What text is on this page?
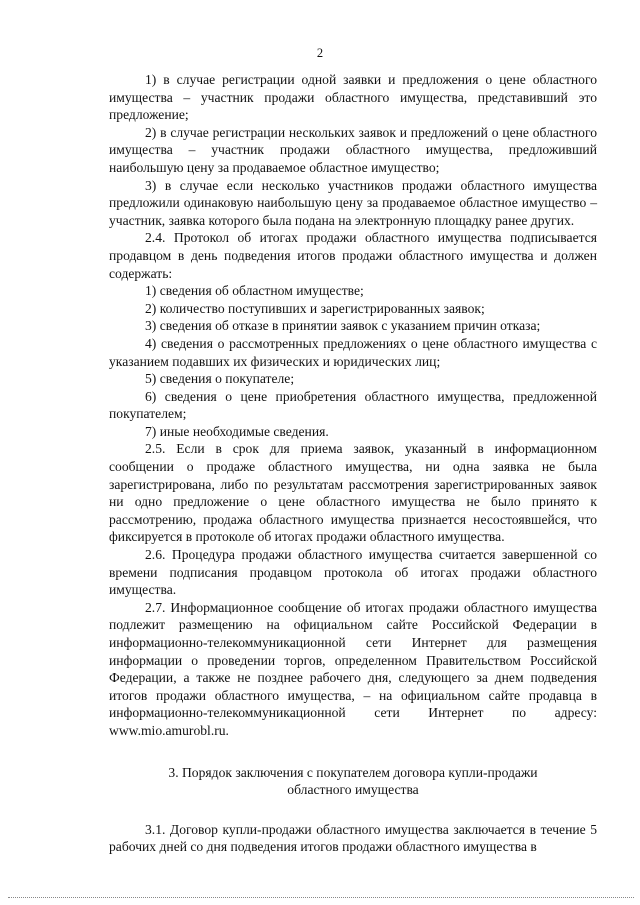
2

1) в случае регистрации одной заявки и предложения о цене областного имущества – участник продажи областного имущества, представивший это предложение;

2) в случае регистрации нескольких заявок и предложений о цене областного имущества – участник продажи областного имущества, предложивший наибольшую цену за продаваемое областное имущество;

3) в случае если несколько участников продажи областного имущества предложили одинаковую наибольшую цену за продаваемое областное имущество – участник, заявка которого была подана на электронную площадку ранее других.

2.4. Протокол об итогах продажи областного имущества подписывается продавцом в день подведения итогов продажи областного имущества и должен содержать:

1) сведения об областном имуществе;

2) количество поступивших и зарегистрированных заявок;

3) сведения об отказе в принятии заявок с указанием причин отказа;

4) сведения о рассмотренных предложениях о цене областного имущества с указанием подавших их физических и юридических лиц;

5) сведения о покупателе;

6) сведения о цене приобретения областного имущества, предложенной покупателем;

7) иные необходимые сведения.

2.5. Если в срок для приема заявок, указанный в информационном сообщении о продаже областного имущества, ни одна заявка не была зарегистрирована, либо по результатам рассмотрения зарегистрированных заявок ни одно предложение о цене областного имущества не было принято к рассмотрению, продажа областного имущества признается несостоявшейся, что фиксируется в протоколе об итогах продажи областного имущества.

2.6. Процедура продажи областного имущества считается завершенной со времени подписания продавцом протокола об итогах продажи областного имущества.

2.7. Информационное сообщение об итогах продажи областного имущества подлежит размещению на официальном сайте Российской Федерации в информационно-телекоммуникационной сети Интернет для размещения информации о проведении торгов, определенном Правительством Российской Федерации, а также не позднее рабочего дня, следующего за днем подведения итогов продажи областного имущества, – на официальном сайте продавца в информационно-телекоммуникационной сети Интернет по адресу: www.mio.amurobl.ru.

3. Порядок заключения с покупателем договора купли-продажи
областного имущества

3.1. Договор купли-продажи областного имущества заключается в течение 5 рабочих дней со дня подведения итогов продажи областного имущества в
